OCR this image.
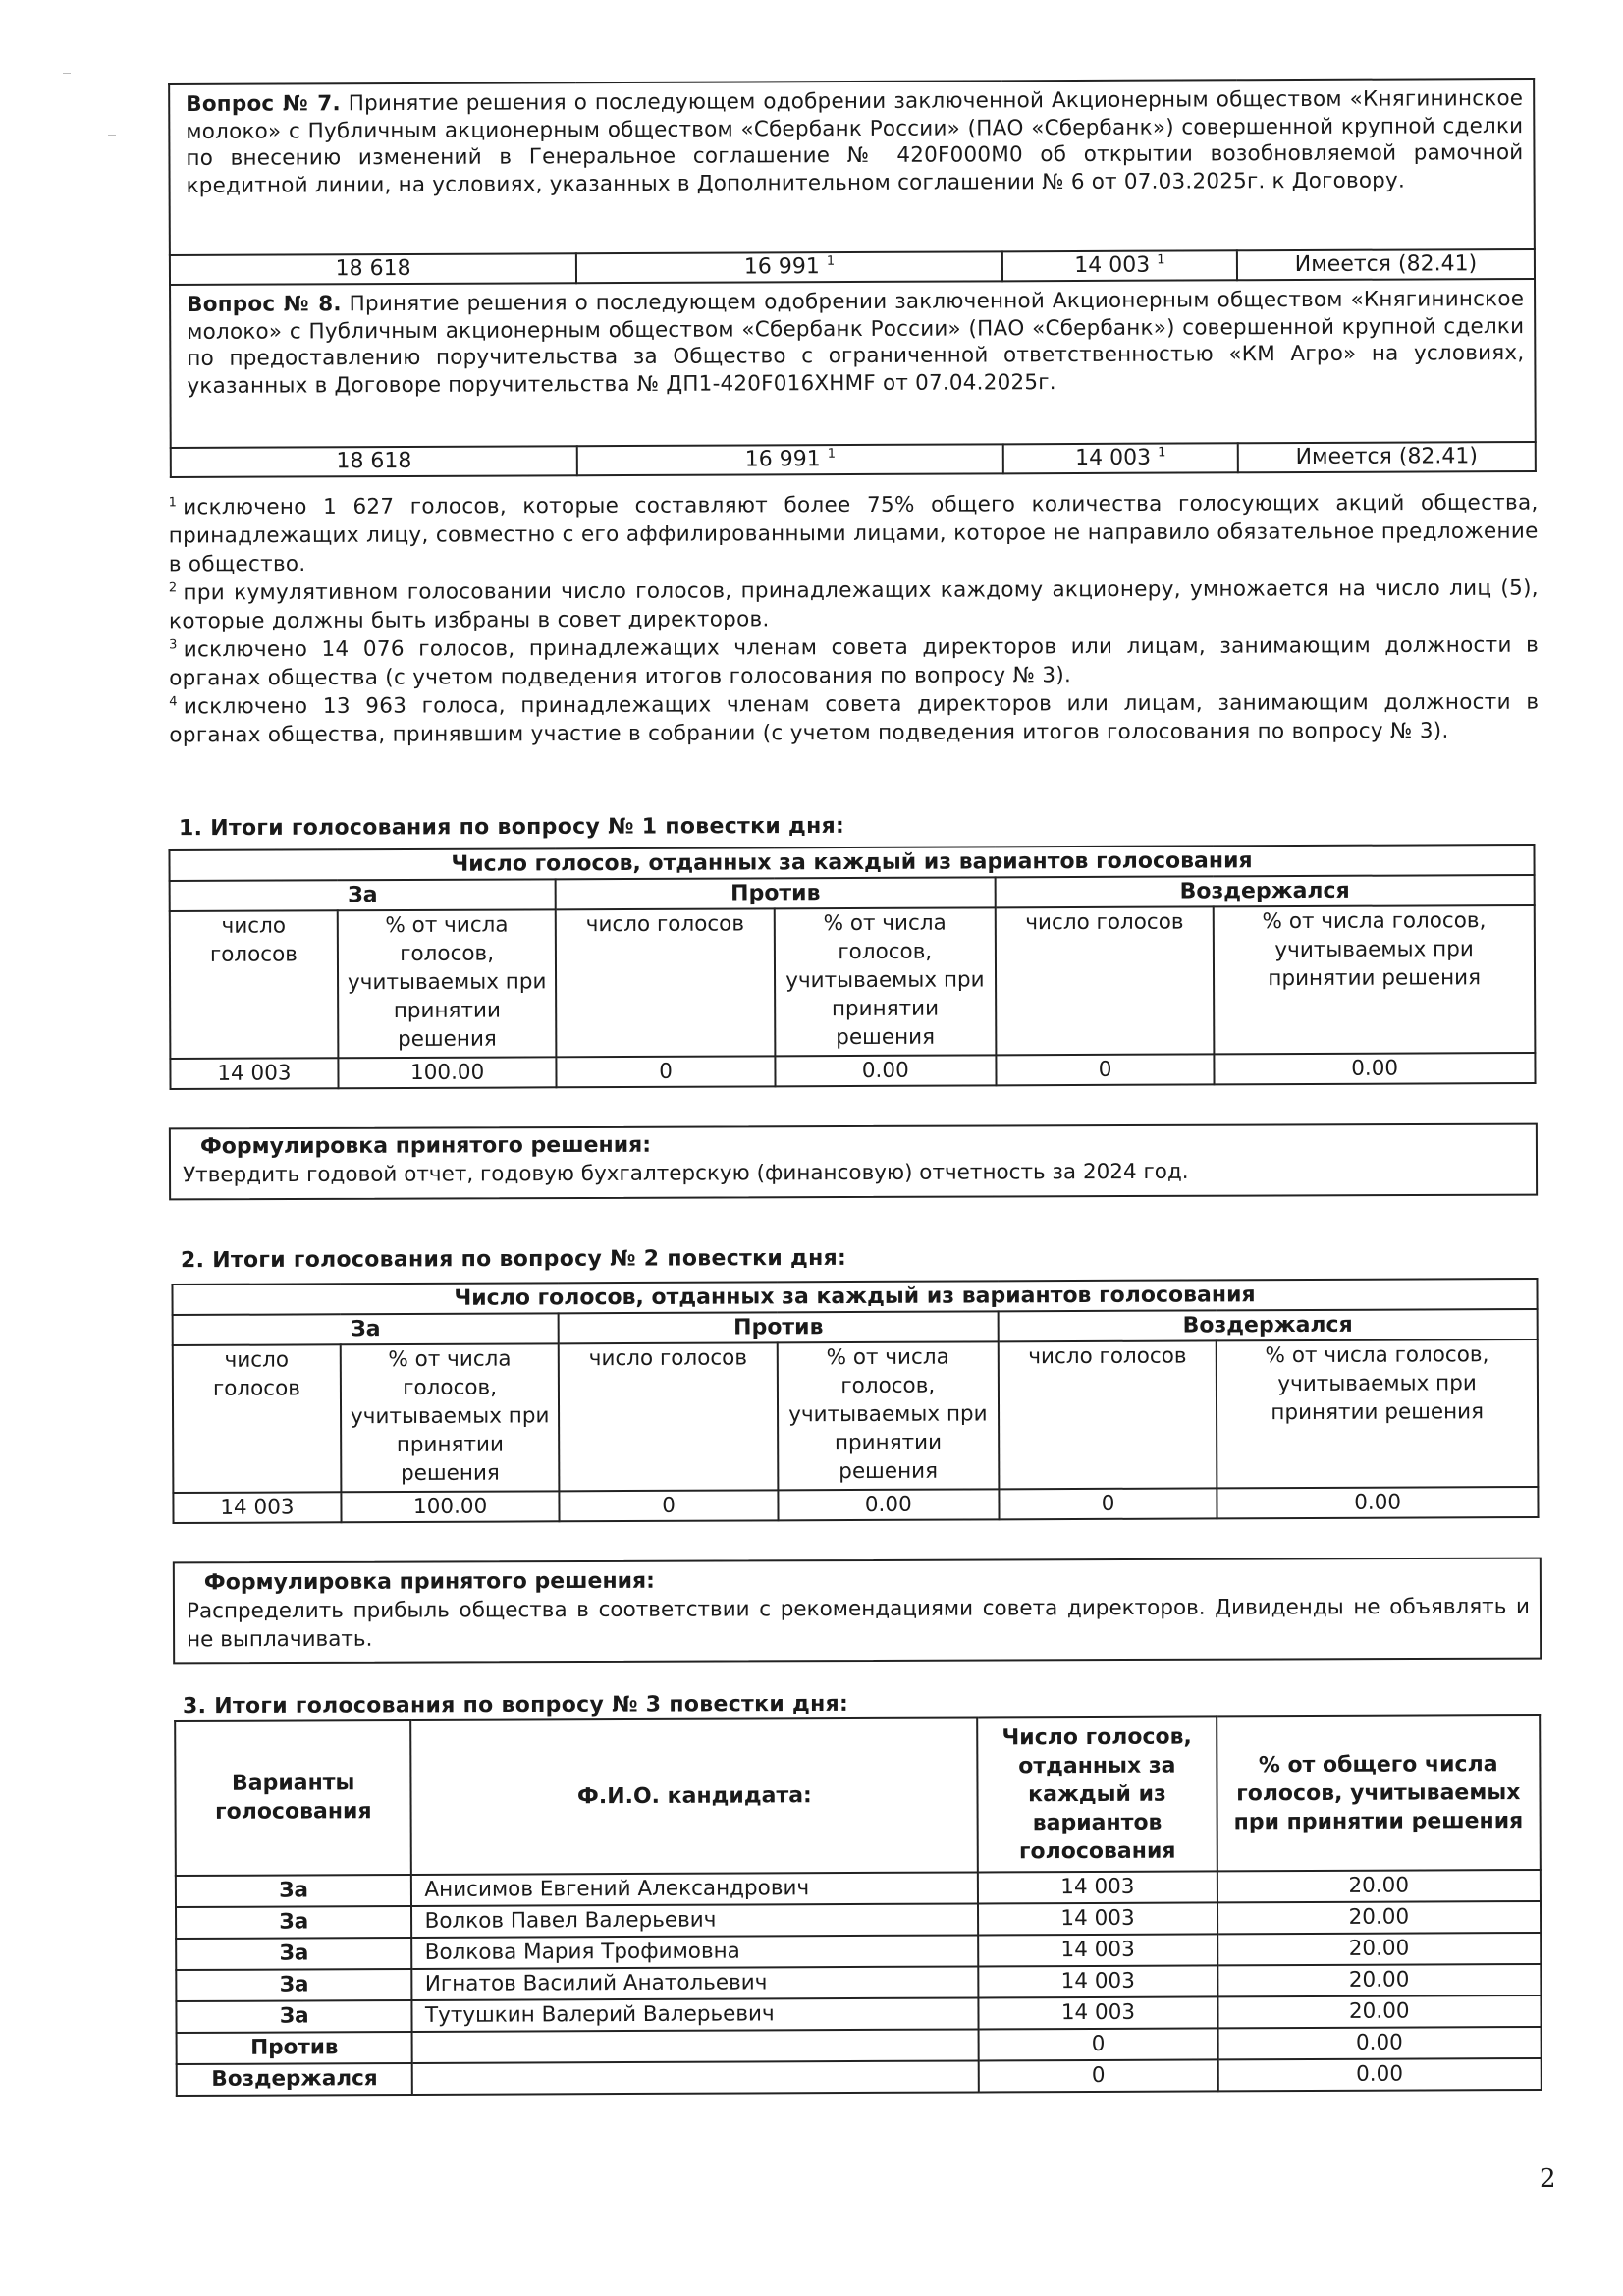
Вопрос № 7. Принятие решения о последующем одобрении заключенной Акционерным обществом «Княгининское молоко» с Публичным акционерным обществом «Сбербанк России» (ПАО «Сбербанк») совершенной крупной сделки по внесению изменений в Генеральное соглашение № 420F000M0 об открытии возобновляемой рамочной кредитной линии, на условиях, указанных в Дополнительном соглашении № 6 от 07.03.2025г. к Договору.			
18 618	16 991 $^1$	14 003 $^1$	Имеется (82.41)
Вопрос № 8. Принятие решения о последующем одобрении заключенной Акционерным обществом «Княгининское молоко» с Публичным акционерным обществом «Сбербанк России» (ПАО «Сбербанк») совершенной крупной сделки по предоставлению поручительства за Общество с ограниченной ответственностью «КМ Агро» на условиях, указанных в Договоре поручительства № ДП1-420F016XHMF от 07.04.2025г.			
18 618	16 991 $^1$	14 003 $^1$	Имеется (82.41)

$^1$ исключено 1 627 голосов, которые составляют более 75% общего количества голосующих акций общества, принадлежащих лицу, совместно с его аффилированными лицами, которое не направило обязательное предложение в общество.

$^2$ при кумулятивном голосовании число голосов, принадлежащих каждому акционеру, умножается на число лиц (5), которые должны быть избраны в совет директоров.

$^3$ исключено 14 076 голосов, принадлежащих членам совета директоров или лицам, занимающим должности в органах общества (с учетом подведения итогов голосования по вопросу № 3).

$^4$ исключено 13 963 голоса, принадлежащих членам совета директоров или лицам, занимающим должности в органах общества, принявшим участие в собрании (с учетом подведения итогов голосования по вопросу № 3).

1. Итоги голосования по вопросу № 1 повестки дня:
Число голосов, отданных за каждый из вариантов голосования					
За		Против		Воздержался	
число голосов	% от числа голосов, учитываемых при принятии решения	число голосов	% от числа голосов, учитываемых при принятии решения	число голосов	% от числа голосов, учитываемых при принятии решения
14 003	100.00	0	0.00	0	0.00
Формулировка принятого решения:
Утвердить годовой отчет, годовую бухгалтерскую (финансовую) отчетность за 2024 год.
2. Итоги голосования по вопросу № 2 повестки дня:
Число голосов, отданных за каждый из вариантов голосования					
За		Против		Воздержался	
число голосов	% от числа голосов, учитываемых при принятии решения	число голосов	% от числа голосов, учитываемых при принятии решения	число голосов	% от числа голосов, учитываемых при принятии решения
14 003	100.00	0	0.00	0	0.00
Формулировка принятого решения:
Распределить прибыль общества в соответствии с рекомендациями совета директоров. Дивиденды не объявлять и не выплачивать.
3. Итоги голосования по вопросу № 3 повестки дня:
Варианты голосования	Ф.И.О. кандидата:	Число голосов, отданных за каждый из вариантов голосования	% от общего числа голосов, учитываемых при принятии решения
За	Анисимов Евгений Александрович	14 003	20.00
За	Волков Павел Валерьевич	14 003	20.00
За	Волкова Мария Трофимовна	14 003	20.00
За	Игнатов Василий Анатольевич	14 003	20.00
За	Тутушкин Валерий Валерьевич	14 003	20.00
Против		0	0.00
Воздержался		0	0.00
2
